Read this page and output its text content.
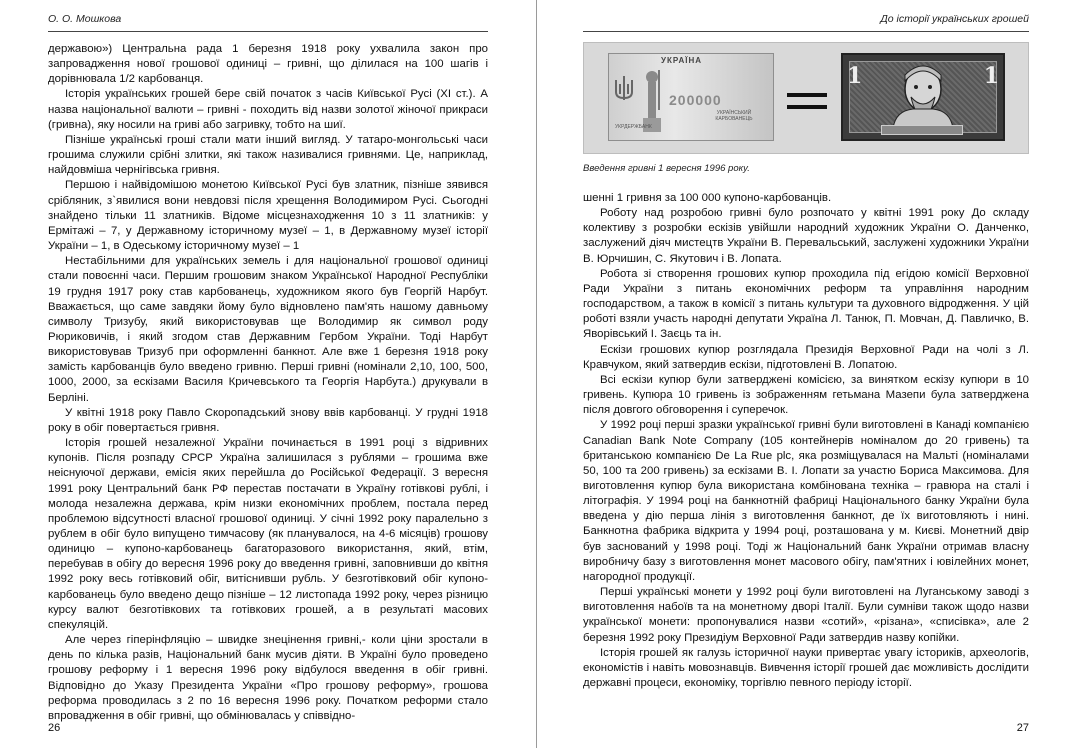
О. О. Мошкова

державою») Центральна рада 1 березня 1918 року ухвалила закон про запровадження нової грошової одиниці – гривні, що ділилася на 100 шагів і дорівнювала 1/2 карбованця.

Історія українських грошей бере свій початок з часів Київської Русі (XI ст.). А назва національної валюти – гривні - походить від назви золотої жіночої прикраси (гривна), яку носили на гриві або загривку, тобто на шиї.

Пізніше українські гроші стали мати інший вигляд. У татаро-монгольські часи грошима служили срібні злитки, які також називалися гривнями. Це, наприклад, найдовміша чернігівська гривня.

Першою і найвідомішою монетою Київської Русі був златник, пізніше зявився срібляник, з`явилися вони невдовзі після хрещення Володимиром Русі. Сьогодні знайдено тільки 11 златників. Відоме місцезнаходження 10 з 11 златників: у Ермітажі – 7, у Державному історичному музеї – 1, в Державному музеї історії України – 1, в Одеському історичному музеї – 1

Нестабільними для українських земель і для національної грошової одиниці стали повоєнні часи. Першим грошовим знаком Української Народної Республіки 19 грудня 1917 року став карбованець, художником якого був Георгій Нарбут. Вважається, що саме завдяки йому було відновлено пам'ять нашому давньому символу Тризубу, який використовував ще Володимир як символ роду Рюриковичів, і який згодом став Державним Гербом України. Тоді Нарбут використовував Тризуб при оформленні банкнот. Але вже 1 березня 1918 року замість карбованців було введено гривню. Перші гривні (номінали 2,10, 100, 500, 1000, 2000, за ескізами Василя Кричевського та Георгія Нарбута.) друкували в Берліні.

У квітні 1918 року Павло Скоропадський знову ввів карбованці. У грудні 1918 року в обіг повертається гривня.

Історія грошей незалежної України починається в 1991 році з відривних купонів. Після розпаду СРСР Україна залишилася з рублями – грошима вже неіснуючої держави, емісія яких перейшла до Російської Федерації. З вересня 1991 року Центральний банк РФ перестав постачати в Україну готівкові рублі, і молода незалежна держава, крім низки економічних проблем, постала перед проблемою відсутності власної грошової одиниці. У січні 1992 року паралельно з рублем в обіг було випущено тимчасову (як планувалося, на 4-6 місяців) грошову одиницю – купоно-карбованець багаторазового використання, який, втім, перебував в обігу до вересня 1996 року до введення гривні, заповнивши до квітня 1992 року весь готівковий обіг, витіснивши рубль. У безготівковий обіг купоно-карбованець було введено дещо пізніше – 12 листопада 1992 року, через різницю курсу валют безготівкових та готівкових грошей, а в результаті масових спекуляцій.

Але через гіперінфляцію – швидке знецінення гривні,- коли ціни зростали в день по кілька разів, Національний банк мусив діяти. В Україні було проведено грошову реформу і 1 вересня 1996 року відбулося введення в обіг гривні. Відповідно до Указу Президента України «Про грошову реформу», грошова реформа проводилась з 2 по 16 вересня 1996 року. Початком реформи стало впровадження в обіг гривні, що обмінювалась у співвідно-

26
До історії українських грошей
УКРАЇНА
200000
УКРАЇНСЬКИЙ КАРБОВАНЕЦЬ
УКРДЕРЖБАНК
1	1
Введення гривні 1 вересня 1996 року.

шенні 1 гривня за 100 000 купоно-карбованців.

Роботу над розробою гривні було розпочато у квітні 1991 року До складу колективу з розробки ескізів увійшли народний художник України О. Данченко, заслужений діяч мистецтв України В. Перевальський, заслужені художники України В. Юрчишин, С. Якутович і В. Лопата.

Робота зі створення грошових купюр проходила під егідою комісії Верховної Ради України з питань економічних реформ та управління народним господарством, а також в комісії з питань культури та духовного відродження. У цій роботі взяли участь народні депутати Україна Л. Танюк, П. Мовчан, Д. Павличко, В. Яворівський І. Заєць та ін.

Ескізи грошових купюр розглядала Президія Верховної Ради на чолі з Л. Кравчуком, який затвердив ескізи, підготовлені В. Лопатою.

Всі ескізи купюр були затверджені комісією, за винятком ескізу купюри в 10 гривень. Купюра 10 гривень із зображенням гетьмана Мазепи була затверджена після довгого обговорення і суперечок.

У 1992 році перші зразки української гривні були виготовлені в Канаді компанією Canadian Bank Note Company (105 контейнерів номіналом до 20 гривень) та британською компанією De La Rue plc, яка розміщувалася на Мальті (номіналами 50, 100 та 200 гривень) за ескізами В. І. Лопати за участю Бориса Максимова. Для виготовлення купюр була використана комбінована техніка – гравюра на сталі і літографія. У 1994 році на банкнотній фабриці Національного банку України була введена у дію перша лінія з виготовлення банкнот, де їх виготовляють і нині. Банкнотна фабрика відкрита у 1994 році, розташована у м. Києві. Монетний двір був заснований у 1998 році. Тоді ж Національний банк України отримав власну виробничу базу з виготовлення монет масового обігу, пам'ятних і ювілейних монет, нагородної продукції.

Перші українські монети у 1992 році були виготовлені на Луганському заводі з виготовлення набоїв та на монетному дворі Італії. Були сумніви також щодо назви української монети: пропонувалися назви «сотий», «різана», «списівка», але 2 березня 1992 року Президіум Верховної Ради затвердив назву копійки.

Історія грошей як галузь історичної науки привертає увагу істориків, археологів, економістів і навіть мовознавців. Вивчення історії грошей дає можливість дослідити державні процеси, економіку, торгівлю певного періоду історії.

27
